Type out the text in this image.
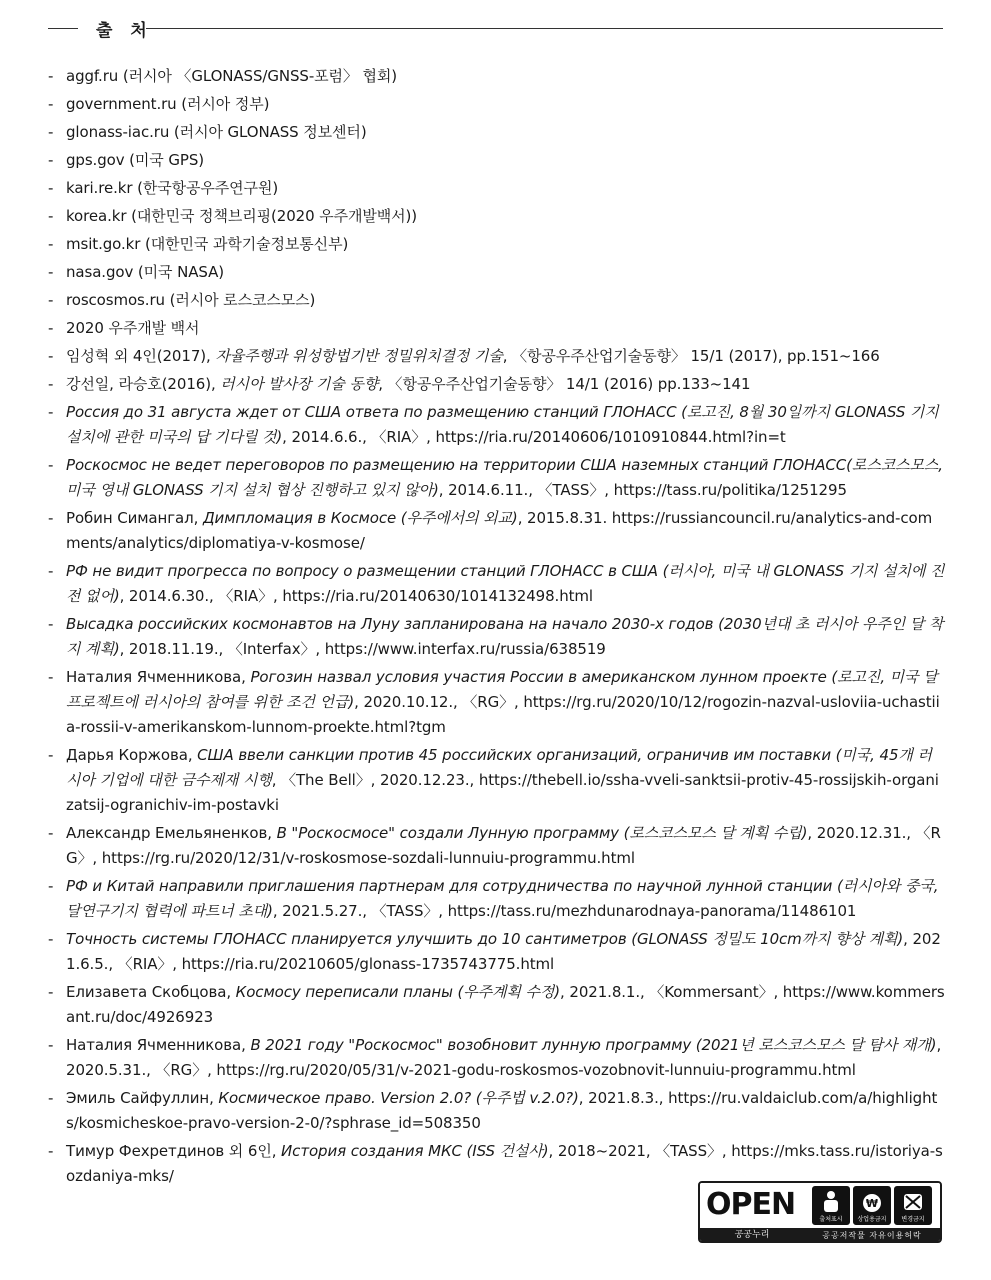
출 처
- aggf.ru (러시아 〈GLONASS/GNSS-포럼〉 협회)
- government.ru (러시아 정부)
- glonass-iac.ru (러시아 GLONASS 정보센터)
- gps.gov (미국 GPS)
- kari.re.kr (한국항공우주연구원)
- korea.kr (대한민국 정책브리핑(2020 우주개발백서))
- msit.go.kr (대한민국 과학기술정보통신부)
- nasa.gov (미국 NASA)
- roscosmos.ru (러시아 로스코스모스)
- 2020 우주개발 백서
- 임성혁 외 4인(2017), 자율주행과 위성항법기반 정밀위치결정 기술, 〈항공우주산업기술동향〉 15/1 (2017), pp.151~166
- 강선일, 라승호(2016), 러시아 발사장 기술 동향, 〈항공우주산업기술동향〉 14/1 (2016) pp.133~141
- Россия до 31 августа ждет от США ответа по размещению станций ГЛОНАСС (로고진, 8월 30일까지 GLONASS 기지 설치에 관한 미국의 답 기다릴 것), 2014.6.6., 〈RIA〉, https://ria.ru/20140606/1010910844.html?in=t
- Роскосмос не ведет переговоров по размещению на территории США наземных станций ГЛОНАСС(로스코스모스, 미국 영내 GLONASS 기지 설치 협상 진행하고 있지 않아), 2014.6.11., 〈TASS〉, https://tass.ru/politika/1251295
- Робин Симангал, Димпломация в Космосе (우주에서의 외교), 2015.8.31. https://russiancouncil.ru/analytics-and-comments/analytics/diplomatiya-v-kosmose/
- РФ не видит прогресса по вопросу о размещении станций ГЛОНАСС в США (러시아, 미국 내 GLONASS 기지 설치에 진전 없어), 2014.6.30., 〈RIA〉, https://ria.ru/20140630/1014132498.html
- Высадка российских космонавтов на Луну запланирована на начало 2030-х годов (2030년대 초 러시아 우주인 달 착지 계획), 2018.11.19., 〈Interfax〉, https://www.interfax.ru/russia/638519
- Наталия Ячменникова, Рогозин назвал условия участия России в американском лунном проекте (로고진, 미국 달 프로젝트에 러시아의 참여를 위한 조건 언급), 2020.10.12., 〈RG〉, https://rg.ru/2020/10/12/rogozin-nazval-usloviia-uchastiia-rossii-v-amerikanskom-lunnom-proekte.html?tgm
- Дарья Коржова, США ввели санкции против 45 российских организаций, ограничив им поставки (미국, 45개 러시아 기업에 대한 금수제재 시행, 〈The Bell〉, 2020.12.23., https://thebell.io/ssha-vveli-sanktsii-protiv-45-rossijskih-organizatsij-ogranichiv-im-postavki
- Александр Емельяненков, В "Роскосмосе" создали Лунную программу (로스코스모스 달 계획 수립), 2020.12.31., 〈RG〉, https://rg.ru/2020/12/31/v-roskosmose-sozdali-lunnuiu-programmu.html
- РФ и Китай направили приглашения партнерам для сотрудничества по научной лунной станции (러시아와 중국, 달연구기지 협력에 파트너 초대), 2021.5.27., 〈TASS〉, https://tass.ru/mezhdunarodnaya-panorama/11486101
- Точность системы ГЛОНАСС планируется улучшить до 10 сантиметров (GLONASS 정밀도 10cm까지 향상 계획), 2021.6.5., 〈RIA〉, https://ria.ru/20210605/glonass-1735743775.html
- Елизавета Скобцова, Космосу переписали планы (우주계획 수정), 2021.8.1., 〈Kommersant〉, https://www.kommersant.ru/doc/4926923
- Наталия Ячменникова, В 2021 году "Роскосмос" возобновит лунную программу (2021년 로스코스모스 달 탐사 재개), 2020.5.31., 〈RG〉, https://rg.ru/2020/05/31/v-2021-godu-roskosmos-vozobnovit-lunnuiu-programmu.html
- Эмиль Сайфуллин, Космическое право. Version 2.0? (우주법 v.2.0?), 2021.8.3., https://ru.valdaiclub.com/a/highlights/kosmicheskoe-pravo-version-2-0/?sphrase_id=508350
- Тимур Фехретдинов 외 6인, История создания МКС (ISS 건설사), 2018~2021, 〈TASS〉, https://mks.tass.ru/istoriya-sozdaniya-mks/
OPEN
공공누리
출처표시
₩
상업용금지	변경금지
공공저작물 자유이용허락
